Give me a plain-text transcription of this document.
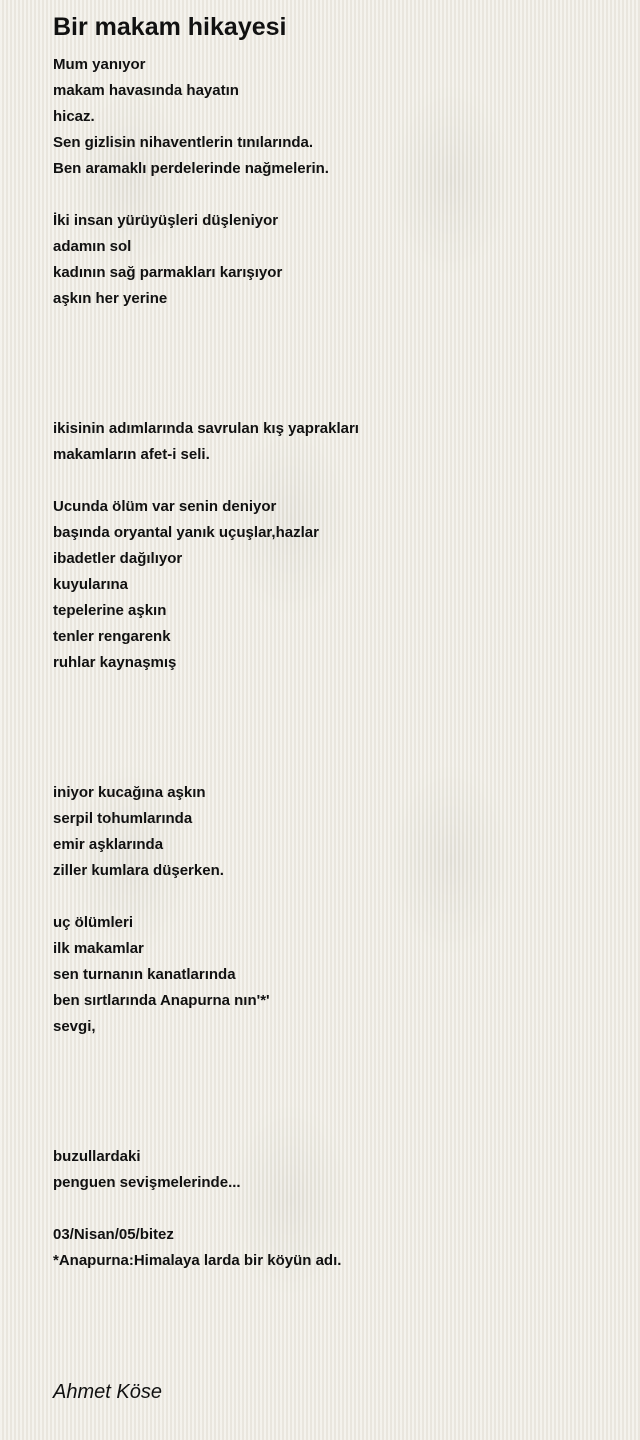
Bir makam hikayesi
Mum yanıyor
makam havasında hayatın
hicaz.
Sen gizlisin nihaventlerin tınılarında.
Ben aramaklı perdelerinde nağmelerin.
İki insan yürüyüşleri düşleniyor
adamın sol
kadının sağ parmakları karışıyor
aşkın her yerine
ikisinin adımlarında savrulan kış yaprakları
makamların afet-i seli.
Ucunda ölüm var senin deniyor
başında oryantal yanık uçuşlar,hazlar
ibadetler dağılıyor
kuyularına
tepelerine aşkın
tenler rengarenk
ruhlar kaynaşmış
iniyor kucağına aşkın
serpil tohumlarında
emir aşklarında
ziller kumlara düşerken.
uç ölümleri
ilk makamlar
sen turnanın kanatlarında
ben sırtlarında Anapurna nın'*'
sevgi,
buzullardaki
penguen sevişmelerinde...
03/Nisan/05/bitez
*Anapurna:Himalaya larda bir köyün adı.
Ahmet Köse
